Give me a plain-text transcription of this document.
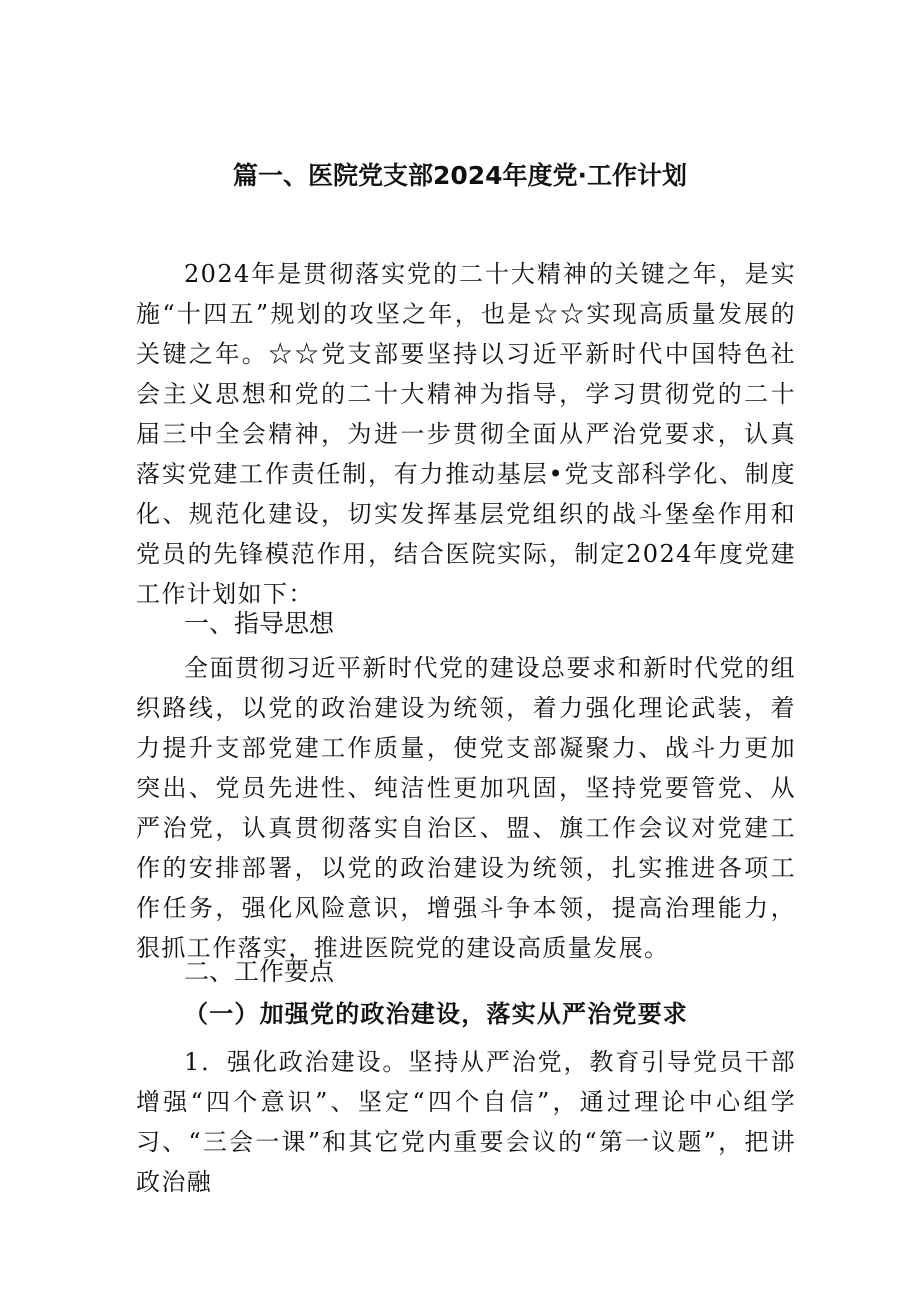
篇一、医院党支部2024年度党·工作计划

2024年是贯彻落实党的二十大精神的关键之年，是实施“十四五”规划的攻坚之年，也是☆☆实现高质量发展的关键之年。☆☆党支部要坚持以习近平新时代中国特色社会主义思想和党的二十大精神为指导，学习贯彻党的二十届三中全会精神，为进一步贯彻全面从严治党要求，认真落实党建工作责任制，有力推动基层•党支部科学化、制度化、规范化建设，切实发挥基层党组织的战斗堡垒作用和党员的先锋模范作用，结合医院实际，制定2024年度党建工作计划如下：

一、指导思想

全面贯彻习近平新时代党的建设总要求和新时代党的组织路线，以党的政治建设为统领，着力强化理论武装，着力提升支部党建工作质量，使党支部凝聚力、战斗力更加突出、党员先进性、纯洁性更加巩固，坚持党要管党、从严治党，认真贯彻落实自治区、盟、旗工作会议对党建工作的安排部署，以党的政治建设为统领，扎实推进各项工作任务，强化风险意识，增强斗争本领，提高治理能力，狠抓工作落实，推进医院党的建设高质量发展。

二、工作要点
（一）加强党的政治建设，落实从严治党要求

1．强化政治建设。坚持从严治党，教育引导党员干部增强“四个意识”、坚定“四个自信”，通过理论中心组学习、“三会一课”和其它党内重要会议的“第一议题”，把讲政治融
